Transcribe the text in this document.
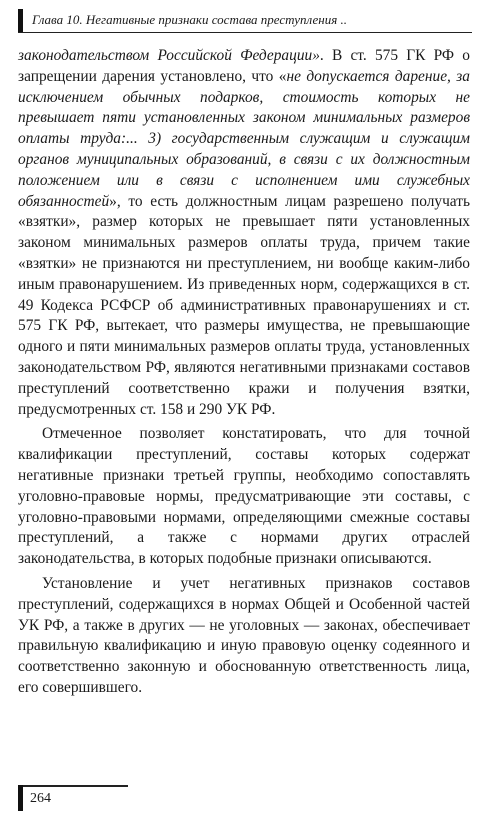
Глава 10. Негативные признаки состава преступления ..

законодательством Российской Федерации». В ст. 575 ГК РФ о запрещении дарения установлено, что «не допускается дарение, за исключением обычных подарков, стоимость которых не превышает пяти установленных законом минимальных размеров оплаты труда:... 3) государственным служащим и служащим органов муниципальных образований, в связи с их должностным положением или в связи с исполнением ими служебных обязанностей», то есть должностным лицам разрешено получать «взятки», размер которых не превышает пяти установленных законом минимальных размеров оплаты труда, причем такие «взятки» не признаются ни преступлением, ни вообще каким-либо иным правонарушением. Из приведенных норм, содержащихся в ст. 49 Кодекса РСФСР об административных правонарушениях и ст. 575 ГК РФ, вытекает, что размеры имущества, не превышающие одного и пяти минимальных размеров оплаты труда, установленных законодательством РФ, являются негативными признаками составов преступлений соответственно кражи и получения взятки, предусмотренных ст. 158 и 290 УК РФ.

Отмеченное позволяет констатировать, что для точной квалификации преступлений, составы которых содержат негативные признаки третьей группы, необходимо сопоставлять уголовно-правовые нормы, предусматривающие эти составы, с уголовно-правовыми нормами, определяющими смежные составы преступлений, а также с нормами других отраслей законодательства, в которых подобные признаки описываются.

Установление и учет негативных признаков составов преступлений, содержащихся в нормах Общей и Особенной частей УК РФ, а также в других — не уголовных — законах, обеспечивает правильную квалификацию и иную правовую оценку содеянного и соответственно законную и обоснованную ответственность лица, его совершившего.

264
